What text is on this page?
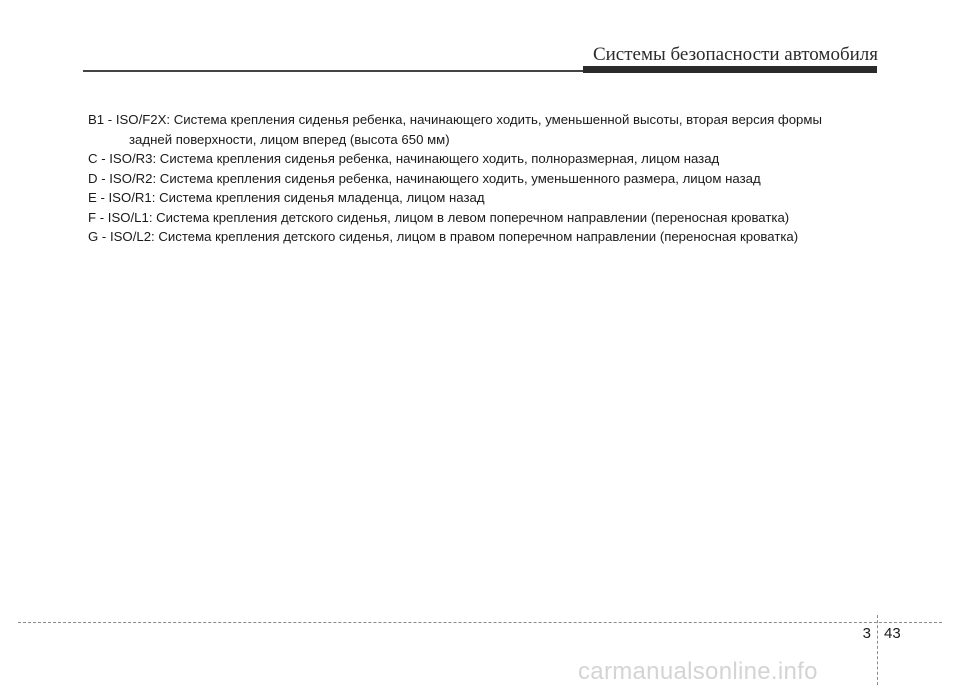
Системы безопасности автомобиля

B1 - ISO/F2X: Система крепления сиденья ребенка, начинающего ходить, уменьшенной высоты, вторая версия формы
задней поверхности, лицом вперед (высота 650 мм)

C - ISO/R3: Система крепления сиденья ребенка, начинающего ходить, полноразмерная, лицом назад

D - ISO/R2: Система крепления сиденья ребенка, начинающего ходить, уменьшенного размера, лицом назад

E - ISO/R1: Система крепления сиденья младенца, лицом назад

F - ISO/L1: Система крепления детского сиденья, лицом в левом поперечном направлении (переносная кроватка)

G - ISO/L2: Система крепления детского сиденья, лицом в правом поперечном направлении (переносная кроватка)

3 43
carmanualsonline.info
